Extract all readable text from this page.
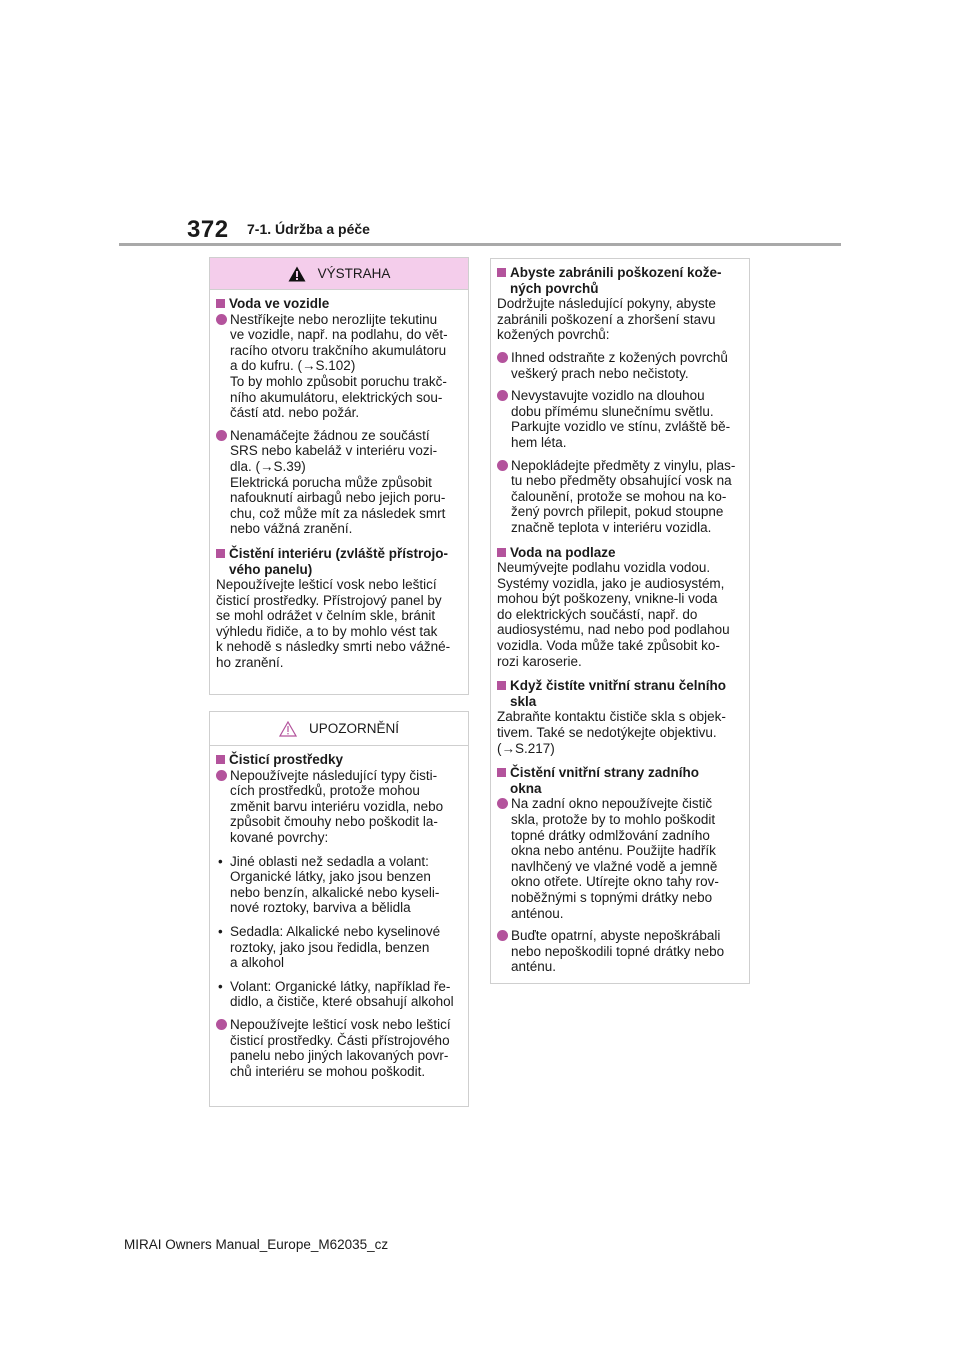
372 7-1. Údržba a péče
VÝSTRAHA
Voda ve vozidle
Nestříkejte nebo nerozlijte tekutinu
ve vozidle, např. na podlahu, do vět-
racího otvoru trakčního akumulátoru
a do kufru. (→S.102)
To by mohlo způsobit poruchu trakč-
ního akumulátoru, elektrických sou-
částí atd. nebo požár.
Nenamáčejte žádnou ze součástí
SRS nebo kabeláž v interiéru vozi-
dla. (→S.39)
Elektrická porucha může způsobit
nafouknutí airbagů nebo jejich poru-
chu, což může mít za následek smrt
nebo vážná zranění.
Čistění interiéru (zvláště přístrojo-
vého panelu)
Nepoužívejte lešticí vosk nebo lešticí
čisticí prostředky. Přístrojový panel by
se mohl odrážet v čelním skle, bránit
výhledu řidiče, a to by mohlo vést tak
k nehodě s následky smrti nebo vážné-
ho zranění.
UPOZORNĚNÍ
Čisticí prostředky
Nepoužívejte následující typy čisti-
cích prostředků, protože mohou
změnit barvu interiéru vozidla, nebo
způsobit čmouhy nebo poškodit la-
kované povrchy:
• Jiné oblasti než sedadla a volant:
Organické látky, jako jsou benzen
nebo benzín, alkalické nebo kyseli-
nové roztoky, barviva a bělidla
• Sedadla: Alkalické nebo kyselinové
roztoky, jako jsou ředidla, benzen
a alkohol
• Volant: Organické látky, například ře-
didlo, a čističe, které obsahují alkohol
Nepoužívejte lešticí vosk nebo lešticí
čisticí prostředky. Části přístrojového
panelu nebo jiných lakovaných povr-
chů interiéru se mohou poškodit.
Abyste zabránili poškození kože-
ných povrchů
Dodržujte následující pokyny, abyste
zabránili poškození a zhoršení stavu
kožených povrchů:
Ihned odstraňte z kožených povrchů
veškerý prach nebo nečistoty.
Nevystavujte vozidlo na dlouhou
dobu přímému slunečnímu světlu.
Parkujte vozidlo ve stínu, zvláště bě-
hem léta.
Nepokládejte předměty z vinylu, plas-
tu nebo předměty obsahující vosk na
čalounění, protože se mohou na ko-
žený povrch přilepit, pokud stoupne
značně teplota v interiéru vozidla.
Voda na podlaze
Neumývejte podlahu vozidla vodou.
Systémy vozidla, jako je audiosystém,
mohou být poškozeny, vnikne-li voda
do elektrických součástí, např. do
audiosystému, nad nebo pod podlahou
vozidla. Voda může také způsobit ko-
rozi karoserie.
Když čistíte vnitřní stranu čelního
skla
Zabraňte kontaktu čističe skla s objek-
tivem. Také se nedotýkejte objektivu.
(→S.217)
Čistění vnitřní strany zadního
okna
Na zadní okno nepoužívejte čistič
skla, protože by to mohlo poškodit
topné drátky odmlžování zadního
okna nebo anténu. Použijte hadřík
navlhčený ve vlažné vodě a jemně
okno otřete. Utírejte okno tahy rov-
noběžnými s topnými drátky nebo
anténou.
Buďte opatrní, abyste nepoškrábali
nebo nepoškodili topné drátky nebo
anténu.
MIRAI Owners Manual_Europe_M62035_cz
